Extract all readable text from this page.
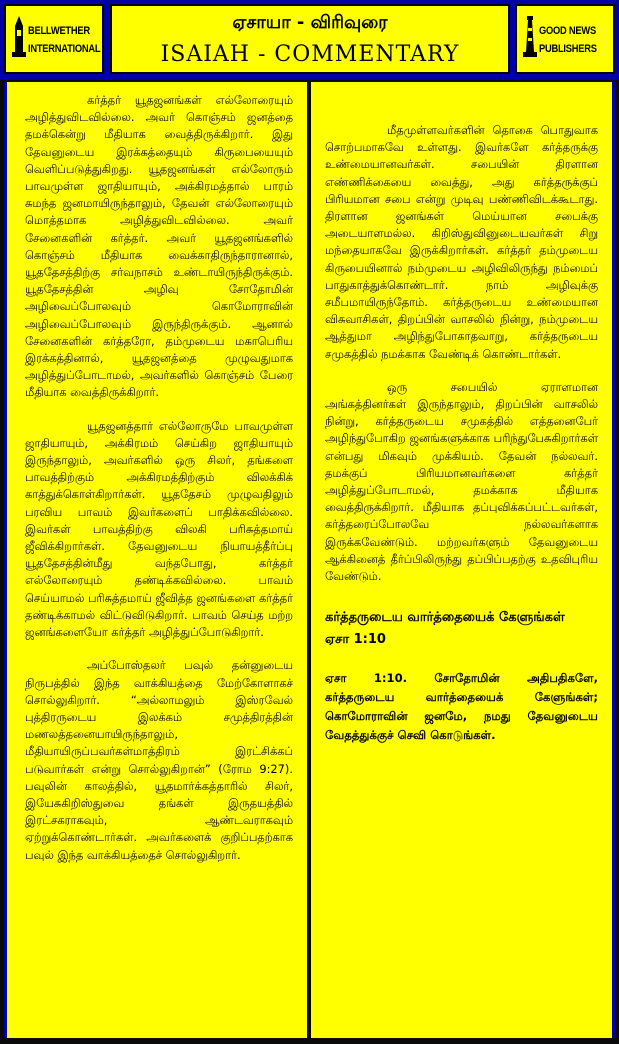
BELLWETHER
INTERNATIONAL
ஏசாயா - விரிவுரை
ISAIAH - COMMENTARY
GOOD NEWS
PUBLISHERS

கர்த்தர் யூதஜனங்கள் எல்லோரையும் அழித்துவிடவில்லை. அவர் கொஞ்சம் ஜனத்தை தமக்கென்று மீதியாக வைத்திருக்கிறார். இது தேவனுடைய இரக்கத்தையும் கிருபையையும் வெளிப்படுத்துகிறது. யூதஜனங்கள் எல்லோரும் பாவமுள்ள ஜாதியாயும், அக்கிரமத்தால் பாரம் சுமந்த ஜனமாயிருந்தாலும், தேவன் எல்லோரையும் மொத்தமாக அழித்துவிடவில்லை. அவர் சேனைகளின் கர்த்தர். அவர் யூதஜனங்களில் கொஞ்சம் மீதியாக வைக்காதிருந்தாரானால், யூததேசத்திற்கு சர்வநாசம் உண்டாயிருந்திருக்கும். யூததேசத்தின் அழிவு சோதோமின் அழிவைப்போலவும் கொமோராவின் அழிவைப்போலவும் இருந்திருக்கும். ஆனால் சேனைகளின் கர்த்தரோ, தம்முடைய மகாபெரிய இரக்கத்தினால், யூதஜனத்தை முழுவதுமாக அழித்துப்போடாமல், அவர்களில் கொஞ்சம் பேரை மீதியாக வைத்திருக்கிறார்.

யூதஜனத்தார் எல்லோருமே பாவமுள்ள ஜாதியாயும், அக்கிரமம் செய்கிற ஜாதியாயும் இருந்தாலும், அவர்களில் ஒரு சிலர், தங்களை பாவத்திற்கும் அக்கிரமத்திற்கும் விலக்கிக் காத்துக்கொள்கிறார்கள். யூததேசம் முழுவதிலும் பரவிய பாவம் இவர்களைப் பாதிக்கவில்லை. இவர்கள் பாவத்திற்கு விலகி பரிசுத்தமாய் ஜீவிக்கிறார்கள். தேவனுடைய நியாயத்தீர்ப்பு யூததேசத்தின்மீது வந்தபோது, கர்த்தர் எல்லோரையும் தண்டிக்கவில்லை. பாவம் செய்யாமல் பரிசுத்தமாய் ஜீவித்த ஜனங்களை கர்த்தர் தண்டிக்காமல் விட்டுவிடுகிறார். பாவம் செய்த மற்ற ஜனங்களையோ கர்த்தர் அழித்துப்போடுகிறார்.

அப்போஸ்தலர் பவுல் தன்னுடைய நிருபத்தில் இந்த வாக்கியத்தை மேற்கோளாகச் சொல்லுகிறார். “அல்லாமலும் இஸ்ரவேல் புத்திரருடைய இலக்கம் சமுத்திரத்தின் மணலத்தனையாயிருந்தாலும், மீதியாயிருப்பவர்கள்மாத்திரம் இரட்சிக்கப் படுவார்கள் என்று சொல்லுகிறான்” (ரோம 9:27). பவுலின் காலத்தில், யூதமார்க்கத்தாரில் சிலர், இயேசுகிறிஸ்துவை தங்கள் இருதயத்தில் இரட்சகராகவும், ஆண்டவராகவும் ஏற்றுக்கொண்டார்கள். அவர்களைக் குறிப்பதற்காக பவுல் இந்த வாக்கியத்தைச் சொல்லுகிறார்.

மீதமுள்ளவர்களின் தொகை பொதுவாக சொற்பமாகவே உள்ளது. இவர்களே கர்த்தருக்கு உண்மையானவர்கள். சபையின் திரளான எண்ணிக்கையை வைத்து, அது கர்த்தருக்குப் பிரியமான சபை என்று முடிவு பண்ணிவிடக்கூடாது. திரளான ஜனங்கள் மெய்யான சபைக்கு அடையாளமல்ல. கிறிஸ்துவினுடையவர்கள் சிறு மந்தையாகவே இருக்கிறார்கள். கர்த்தர் தம்முடைய கிருபையினால் நம்முடைய அழிவிலிருந்து நம்மைப் பாதுகாத்துக்கொண்டார். நாம் அழிவுக்கு சமீபமாயிருந்தோம். கர்த்தருடைய உண்மையான விசுவாசிகள், திறப்பின் வாசலில் நின்று, நம்முடைய ஆத்துமா அழிந்துபோகாதவாறு, கர்த்தருடைய சமுகத்தில் நமக்காக வேண்டிக் கொண்டார்கள்.

ஒரு சபையில் ஏராளமான அங்கத்தினர்கள் இருந்தாலும், திறப்பின் வாசலில் நின்று, கர்த்தருடைய சமுகத்தில் எத்தனைபேர் அழிந்துபோகிற ஜனங்களுக்காக பரிந்துபேசுகிறார்கள் என்பது மிகவும் முக்கியம். தேவன் நல்லவர். தமக்குப் பிரியமானவர்களை கர்த்தர் அழித்துப்போடாமல், தமக்காக மீதியாக வைத்திருக்கிறார். மீதியாக தப்புவிக்கப்பட்டவர்கள், கர்த்தரைப்போலவே நல்லவர்களாக இருக்கவேண்டும். மற்றவர்களும் தேவனுடைய ஆக்கினைத் தீர்ப்பிலிருந்து தப்பிப்பதற்கு உதவிபுரிய வேண்டும்.

கர்த்தருடைய வார்த்தையைக் கேளுங்கள்
ஏசா 1:10

ஏசா 1:10. சோதோமின் அதிபதிகளே, கர்த்தருடைய வார்த்தையைக் கேளுங்கள்; கொமோராவின் ஜனமே, நமது தேவனுடைய வேதத்துக்குச் செவி கொடுங்கள்.
